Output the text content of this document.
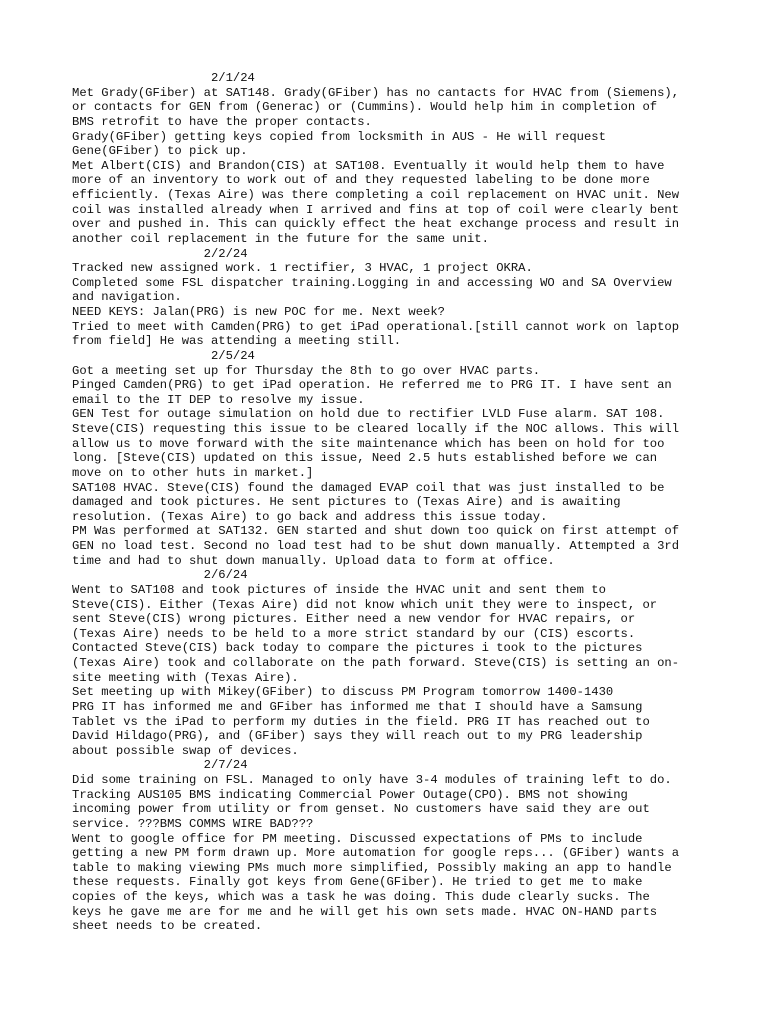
2/1/24
Met Grady(GFiber) at SAT148. Grady(GFiber) has no cantacts for HVAC from (Siemens),
or contacts for GEN from (Generac) or (Cummins). Would help him in completion of
BMS retrofit to have the proper contacts.
Grady(GFiber) getting keys copied from locksmith in AUS - He will request
Gene(GFiber) to pick up.
Met Albert(CIS) and Brandon(CIS) at SAT108. Eventually it would help them to have
more of an inventory to work out of and they requested labeling to be done more
efficiently. (Texas Aire) was there completing a coil replacement on HVAC unit. New
coil was installed already when I arrived and fins at top of coil were clearly bent
over and pushed in. This can quickly effect the heat exchange process and result in
another coil replacement in the future for the same unit.
2/2/24
Tracked new assigned work. 1 rectifier, 3 HVAC, 1 project OKRA.
Completed some FSL dispatcher training.Logging in and accessing WO and SA Overview
and navigation.
NEED KEYS: Jalan(PRG) is new POC for me. Next week?
Tried to meet with Camden(PRG) to get iPad operational.[still cannot work on laptop
from field] He was attending a meeting still.
2/5/24
Got a meeting set up for Thursday the 8th to go over HVAC parts.
Pinged Camden(PRG) to get iPad operation. He referred me to PRG IT. I have sent an
email to the IT DEP to resolve my issue.
GEN Test for outage simulation on hold due to rectifier LVLD Fuse alarm. SAT 108.
Steve(CIS) requesting this issue to be cleared locally if the NOC allows. This will
allow us to move forward with the site maintenance which has been on hold for too
long. [Steve(CIS) updated on this issue, Need 2.5 huts established before we can
move on to other huts in market.]
SAT108 HVAC. Steve(CIS) found the damaged EVAP coil that was just installed to be
damaged and took pictures. He sent pictures to (Texas Aire) and is awaiting
resolution. (Texas Aire) to go back and address this issue today.
PM Was performed at SAT132. GEN started and shut down too quick on first attempt of
GEN no load test. Second no load test had to be shut down manually. Attempted a 3rd
time and had to shut down manually. Upload data to form at office.
2/6/24
Went to SAT108 and took pictures of inside the HVAC unit and sent them to
Steve(CIS). Either (Texas Aire) did not know which unit they were to inspect, or
sent Steve(CIS) wrong pictures. Either need a new vendor for HVAC repairs, or
(Texas Aire) needs to be held to a more strict standard by our (CIS) escorts.
Contacted Steve(CIS) back today to compare the pictures i took to the pictures
(Texas Aire) took and collaborate on the path forward. Steve(CIS) is setting an on-
site meeting with (Texas Aire).
Set meeting up with Mikey(GFiber) to discuss PM Program tomorrow 1400-1430
PRG IT has informed me and GFiber has informed me that I should have a Samsung
Tablet vs the iPad to perform my duties in the field. PRG IT has reached out to
David Hildago(PRG), and (GFiber) says they will reach out to my PRG leadership
about possible swap of devices.
2/7/24
Did some training on FSL. Managed to only have 3-4 modules of training left to do.
Tracking AUS105 BMS indicating Commercial Power Outage(CPO). BMS not showing
incoming power from utility or from genset. No customers have said they are out
service. ???BMS COMMS WIRE BAD???
Went to google office for PM meeting. Discussed expectations of PMs to include
getting a new PM form drawn up. More automation for google reps... (GFiber) wants a
table to making viewing PMs much more simplified, Possibly making an app to handle
these requests. Finally got keys from Gene(GFiber). He tried to get me to make
copies of the keys, which was a task he was doing. This dude clearly sucks. The
keys he gave me are for me and he will get his own sets made. HVAC ON-HAND parts
sheet needs to be created.
